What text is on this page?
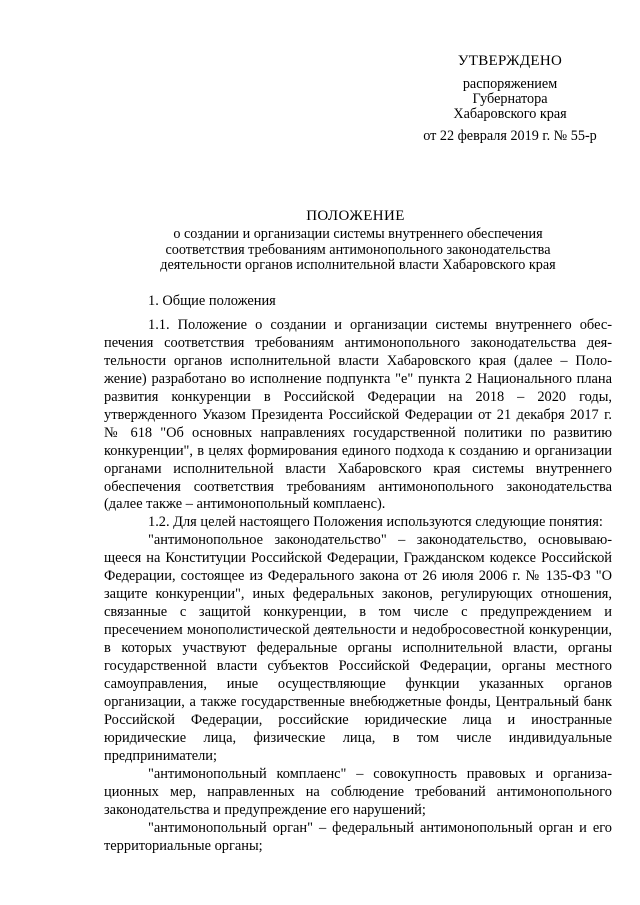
УТВЕРЖДЕНО
распоряжением
Губернатора
Хабаровского края
от 22 февраля 2019 г. № 55-р
ПОЛОЖЕНИЕ
о создании и организации системы внутреннего обеспечения соответствия требованиям антимонопольного законодательства деятельности органов исполнительной власти Хабаровского края

1. Общие положения

1.1. Положение о создании и организации системы внутреннего обеспечения соответствия требованиям антимонопольного законодательства деятельности органов исполнительной власти Хабаровского края (далее – Положение) разработано во исполнение подпункта "е" пункта 2 Национального плана развития конкуренции в Российской Федерации на 2018 – 2020 годы, утвержденного Указом Президента Российской Федерации от 21 декабря 2017 г. № 618 "Об основных направлениях государственной политики по развитию конкуренции", в целях формирования единого подхода к созданию и организации органами исполнительной власти Хабаровского края системы внутреннего обеспечения соответствия требованиям антимонопольного законодательства (далее также – антимонопольный комплаенс).

1.2. Для целей настоящего Положения используются следующие понятия:

"антимонопольное законодательство" – законодательство, основывающееся на Конституции Российской Федерации, Гражданском кодексе Российской Федерации, состоящее из Федерального закона от 26 июля 2006 г. № 135-ФЗ "О защите конкуренции", иных федеральных законов, регулирующих отношения, связанные с защитой конкуренции, в том числе с предупреждением и пресечением монополистической деятельности и недобросовестной конкуренции, в которых участвуют федеральные органы исполнительной власти, органы государственной власти субъектов Российской Федерации, органы местного самоуправления, иные осуществляющие функции указанных органов организации, а также государственные внебюджетные фонды, Центральный банк Российской Федерации, российские юридические лица и иностранные юридические лица, физические лица, в том числе индивидуальные предприниматели;

"антимонопольный комплаенс" – совокупность правовых и организационных мер, направленных на соблюдение требований антимонопольного законодательства и предупреждение его нарушений;

"антимонопольный орган" – федеральный антимонопольный орган и его территориальные органы;
